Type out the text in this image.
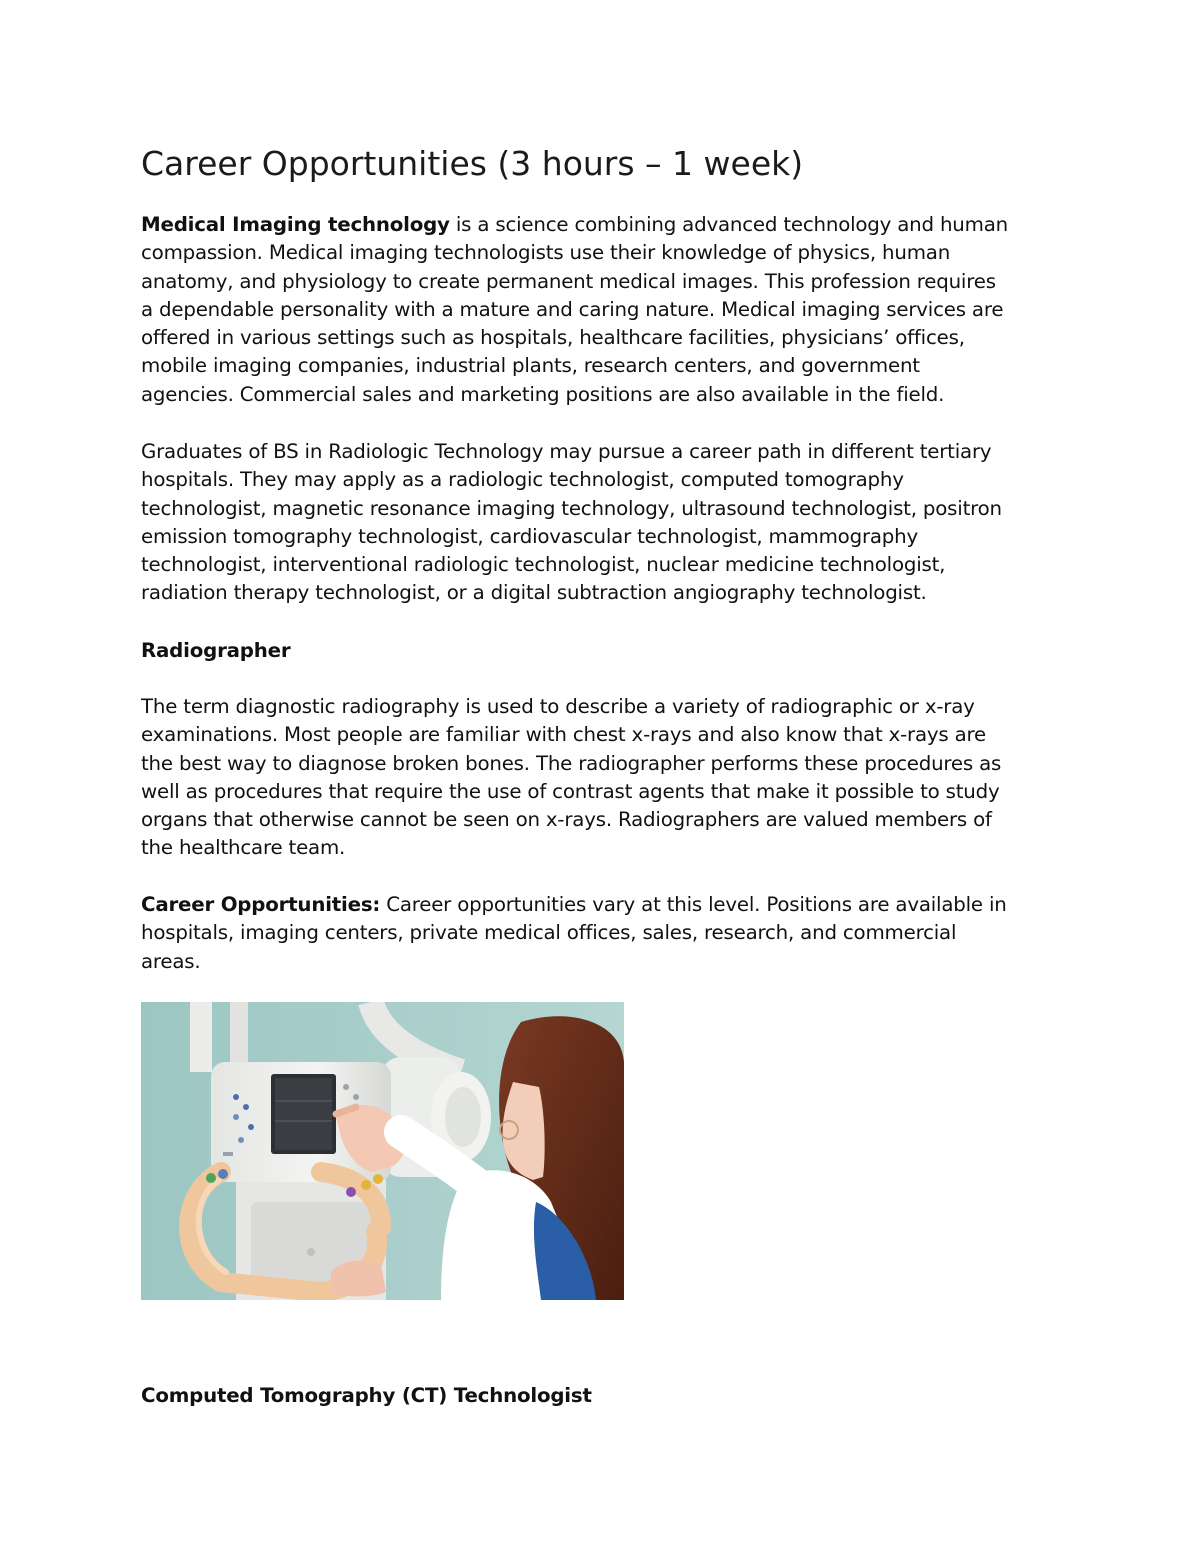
Career Opportunities (3 hours – 1 week)

Medical Imaging technology is a science combining advanced technology and human
compassion. Medical imaging technologists use their knowledge of physics, human
anatomy, and physiology to create permanent medical images. This profession requires
a dependable personality with a mature and caring nature. Medical imaging services are
offered in various settings such as hospitals, healthcare facilities, physicians’ offices,
mobile imaging companies, industrial plants, research centers, and government
agencies. Commercial sales and marketing positions are also available in the field.

Graduates of BS in Radiologic Technology may pursue a career path in different tertiary
hospitals. They may apply as a radiologic technologist, computed tomography
technologist, magnetic resonance imaging technology, ultrasound technologist, positron
emission tomography technologist, cardiovascular technologist, mammography
technologist, interventional radiologic technologist, nuclear medicine technologist,
radiation therapy technologist, or a digital subtraction angiography technologist.

Radiographer

The term diagnostic radiography is used to describe a variety of radiographic or x-ray
examinations. Most people are familiar with chest x-rays and also know that x-rays are
the best way to diagnose broken bones. The radiographer performs these procedures as
well as procedures that require the use of contrast agents that make it possible to study
organs that otherwise cannot be seen on x-rays. Radiographers are valued members of
the healthcare team.

Career Opportunities: Career opportunities vary at this level. Positions are available in
hospitals, imaging centers, private medical offices, sales, research, and commercial
areas.

Computed Tomography (CT) Technologist
